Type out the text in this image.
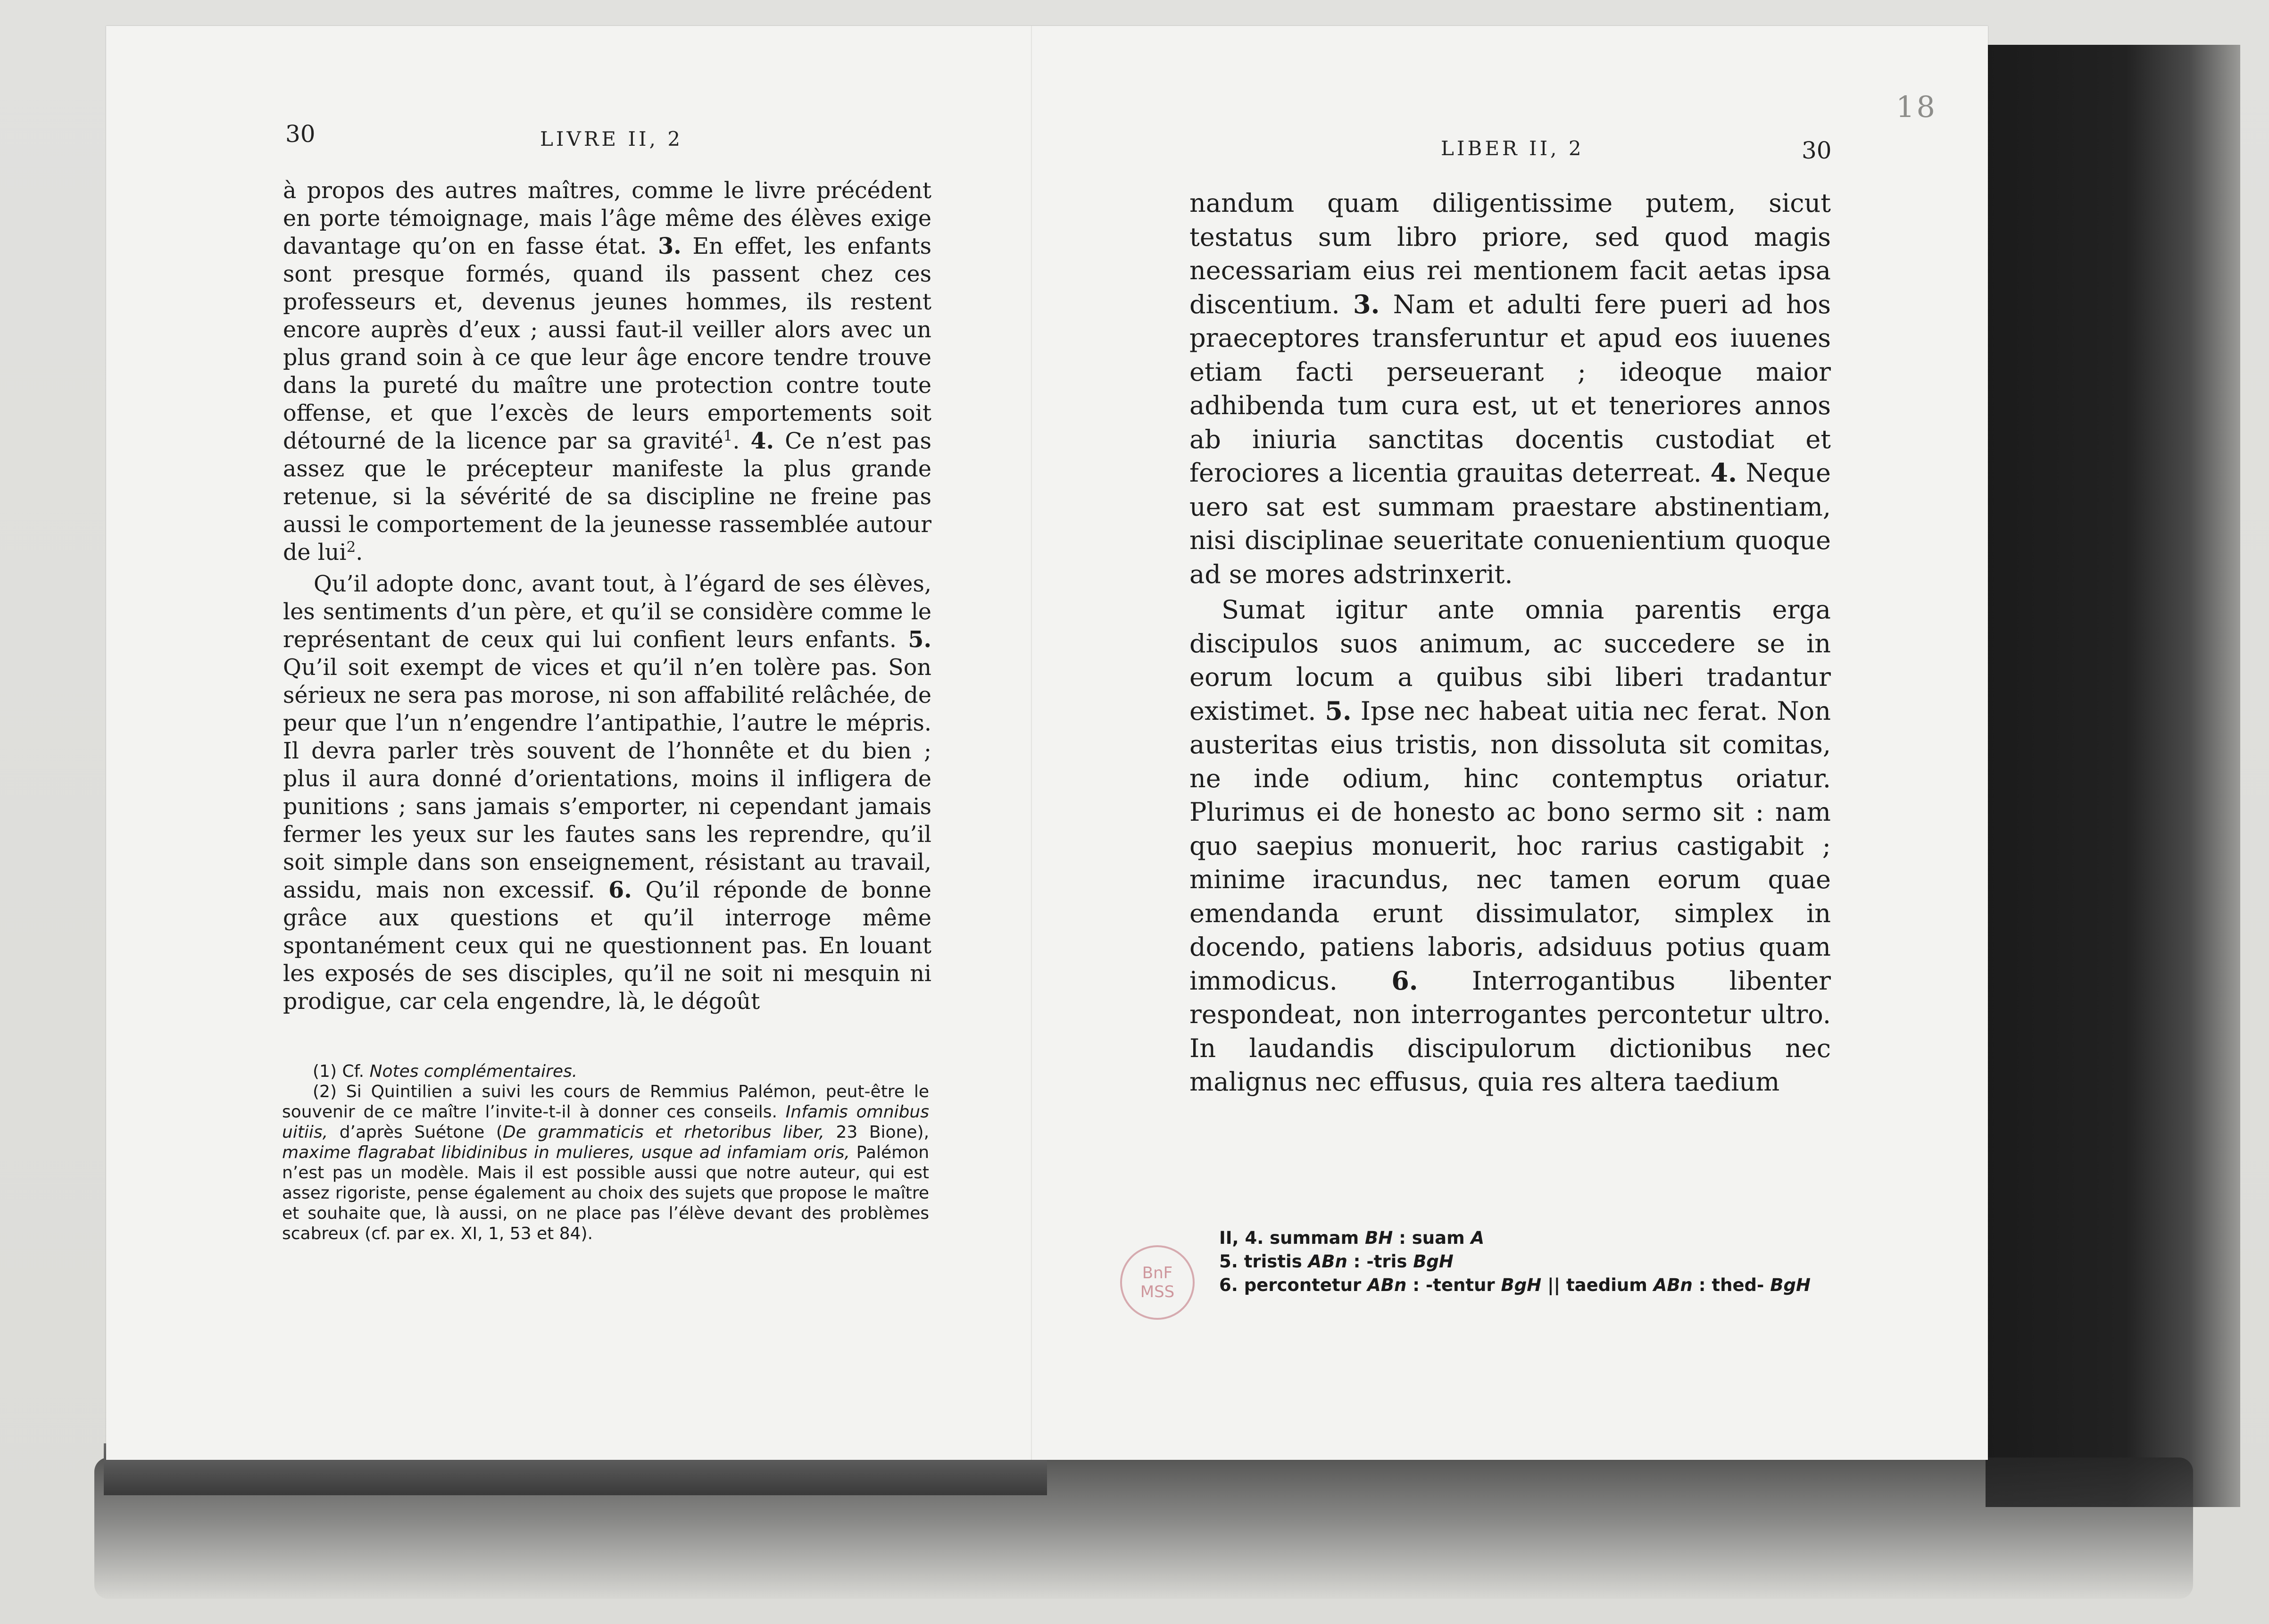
18
30	LIVRE II, 2	LIBER II, 2	30

à propos des autres maîtres, comme le livre précédent en porte témoignage, mais l’âge même des élèves exige davantage qu’on en fasse état. 3. En effet, les enfants sont presque formés, quand ils passent chez ces professeurs et, devenus jeunes hommes, ils restent encore auprès d’eux ; aussi faut-il veiller alors avec un plus grand soin à ce que leur âge encore tendre trouve dans la pureté du maître une protection contre toute offense, et que l’excès de leurs emportements soit détourné de la licence par sa gravité$^1$. 4. Ce n’est pas assez que le précepteur manifeste la plus grande retenue, si la sévérité de sa discipline ne freine pas aussi le comportement de la jeunesse rassemblée autour de lui$^2$.

Qu’il adopte donc, avant tout, à l’égard de ses élèves, les sentiments d’un père, et qu’il se considère comme le représentant de ceux qui lui confient leurs enfants. 5. Qu’il soit exempt de vices et qu’il n’en tolère pas. Son sérieux ne sera pas morose, ni son affabilité relâchée, de peur que l’un n’engendre l’antipathie, l’autre le mépris. Il devra parler très souvent de l’honnête et du bien ; plus il aura donné d’orientations, moins il infligera de punitions ; sans jamais s’emporter, ni cependant jamais fermer les yeux sur les fautes sans les reprendre, qu’il soit simple dans son enseignement, résistant au travail, assidu, mais non excessif. 6. Qu’il réponde de bonne grâce aux questions et qu’il interroge même spontanément ceux qui ne questionnent pas. En louant les exposés de ses disciples, qu’il ne soit ni mesquin ni prodigue, car cela engendre, là, le dégoût

(1) Cf. Notes complémentaires.

(2) Si Quintilien a suivi les cours de Remmius Palémon, peut-être le souvenir de ce maître l’invite-t-il à donner ces conseils. Infamis omnibus uitiis, d’après Suétone (De grammaticis et rhetoribus liber, 23 Bione), maxime flagrabat libidinibus in mulieres, usque ad infamiam oris, Palémon n’est pas un modèle. Mais il est possible aussi que notre auteur, qui est assez rigoriste, pense également au choix des sujets que propose le maître et souhaite que, là aussi, on ne place pas l’élève devant des problèmes scabreux (cf. par ex. XI, 1, 53 et 84).

nandum quam diligentissime putem, sicut testatus sum libro priore, sed quod magis necessariam eius rei mentionem facit aetas ipsa discentium. 3. Nam et adulti fere pueri ad hos praeceptores transferuntur et apud eos iuuenes etiam facti perseuerant ; ideoque maior adhibenda tum cura est, ut et teneriores annos ab iniuria sanctitas docentis custodiat et ferociores a licentia grauitas deterreat. 4. Neque uero sat est summam praestare abstinentiam, nisi disciplinae seueritate conuenientium quoque ad se mores adstrinxerit.

Sumat igitur ante omnia parentis erga discipulos suos animum, ac succedere se in eorum locum a quibus sibi liberi tradantur existimet. 5. Ipse nec habeat uitia nec ferat. Non austeritas eius tristis, non dissoluta sit comitas, ne inde odium, hinc contemptus oriatur. Plurimus ei de honesto ac bono sermo sit : nam quo saepius monuerit, hoc rarius castigabit ; minime iracundus, nec tamen eorum quae emendanda erunt dissimulator, simplex in docendo, patiens laboris, adsiduus potius quam immodicus. 6. Interrogantibus libenter respondeat, non interrogantes percontetur ultro. In laudandis discipulorum dictionibus nec malignus nec effusus, quia res altera taedium

BnF
MSS

II, 4. summam BH : suam A

5. tristis ABn : -tris BgH

6. percontetur ABn : -tentur BgH || taedium ABn : thed- BgH
